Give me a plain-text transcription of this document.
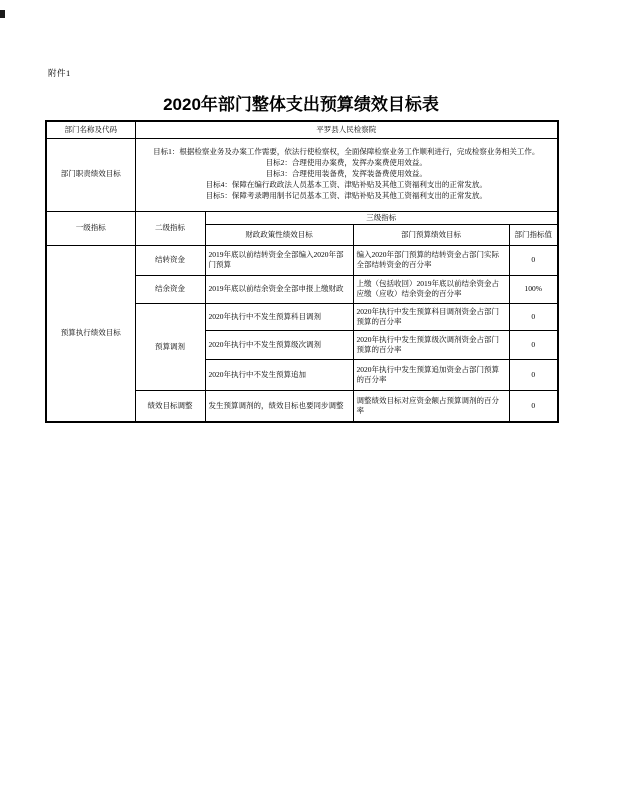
附件1
2020年部门整体支出预算绩效目标表
部门名称及代码	平罗县人民检察院			
部门职责绩效目标	目标1：根据检察业务及办案工作需要，依法行使检察权，全面保障检察业务工作顺利进行，完成检察业务相关工作。
目标2：合理使用办案费，发挥办案费使用效益。
目标3：合理使用装备费，发挥装备费使用效益。
目标4：保障在编行政政法人员基本工资、津贴补贴及其他工资福利支出的正常发放。
目标5：保障考录聘用制书记员基本工资、津贴补贴及其他工资福利支出的正常发放。			

一级指标	二级指标	三级指标		
		财政政策性绩效目标	部门预算绩效目标	部门指标值
预算执行绩效目标	结转资金	2019年底以前结转资金全部编入2020年部门预算	编入2020年部门预算的结转资金占部门实际全部结转资金的百分率	0
	结余资金	2019年底以前结余资金全部申报上缴财政	上缴（包括收回）2019年底以前结余资金占应缴（应收）结余资金的百分率	100%
	预算调剂	2020年执行中不发生预算科目调剂	2020年执行中发生预算科目调剂资金占部门预算的百分率	0
		2020年执行中不发生预算级次调剂	2020年执行中发生预算级次调剂资金占部门预算的百分率	0
		2020年执行中不发生预算追加	2020年执行中发生预算追加资金占部门预算的百分率	0
	绩效目标调整	发生预算调剂的，绩效目标也要同步调整	调整绩效目标对应资金额占预算调剂的百分率	0
